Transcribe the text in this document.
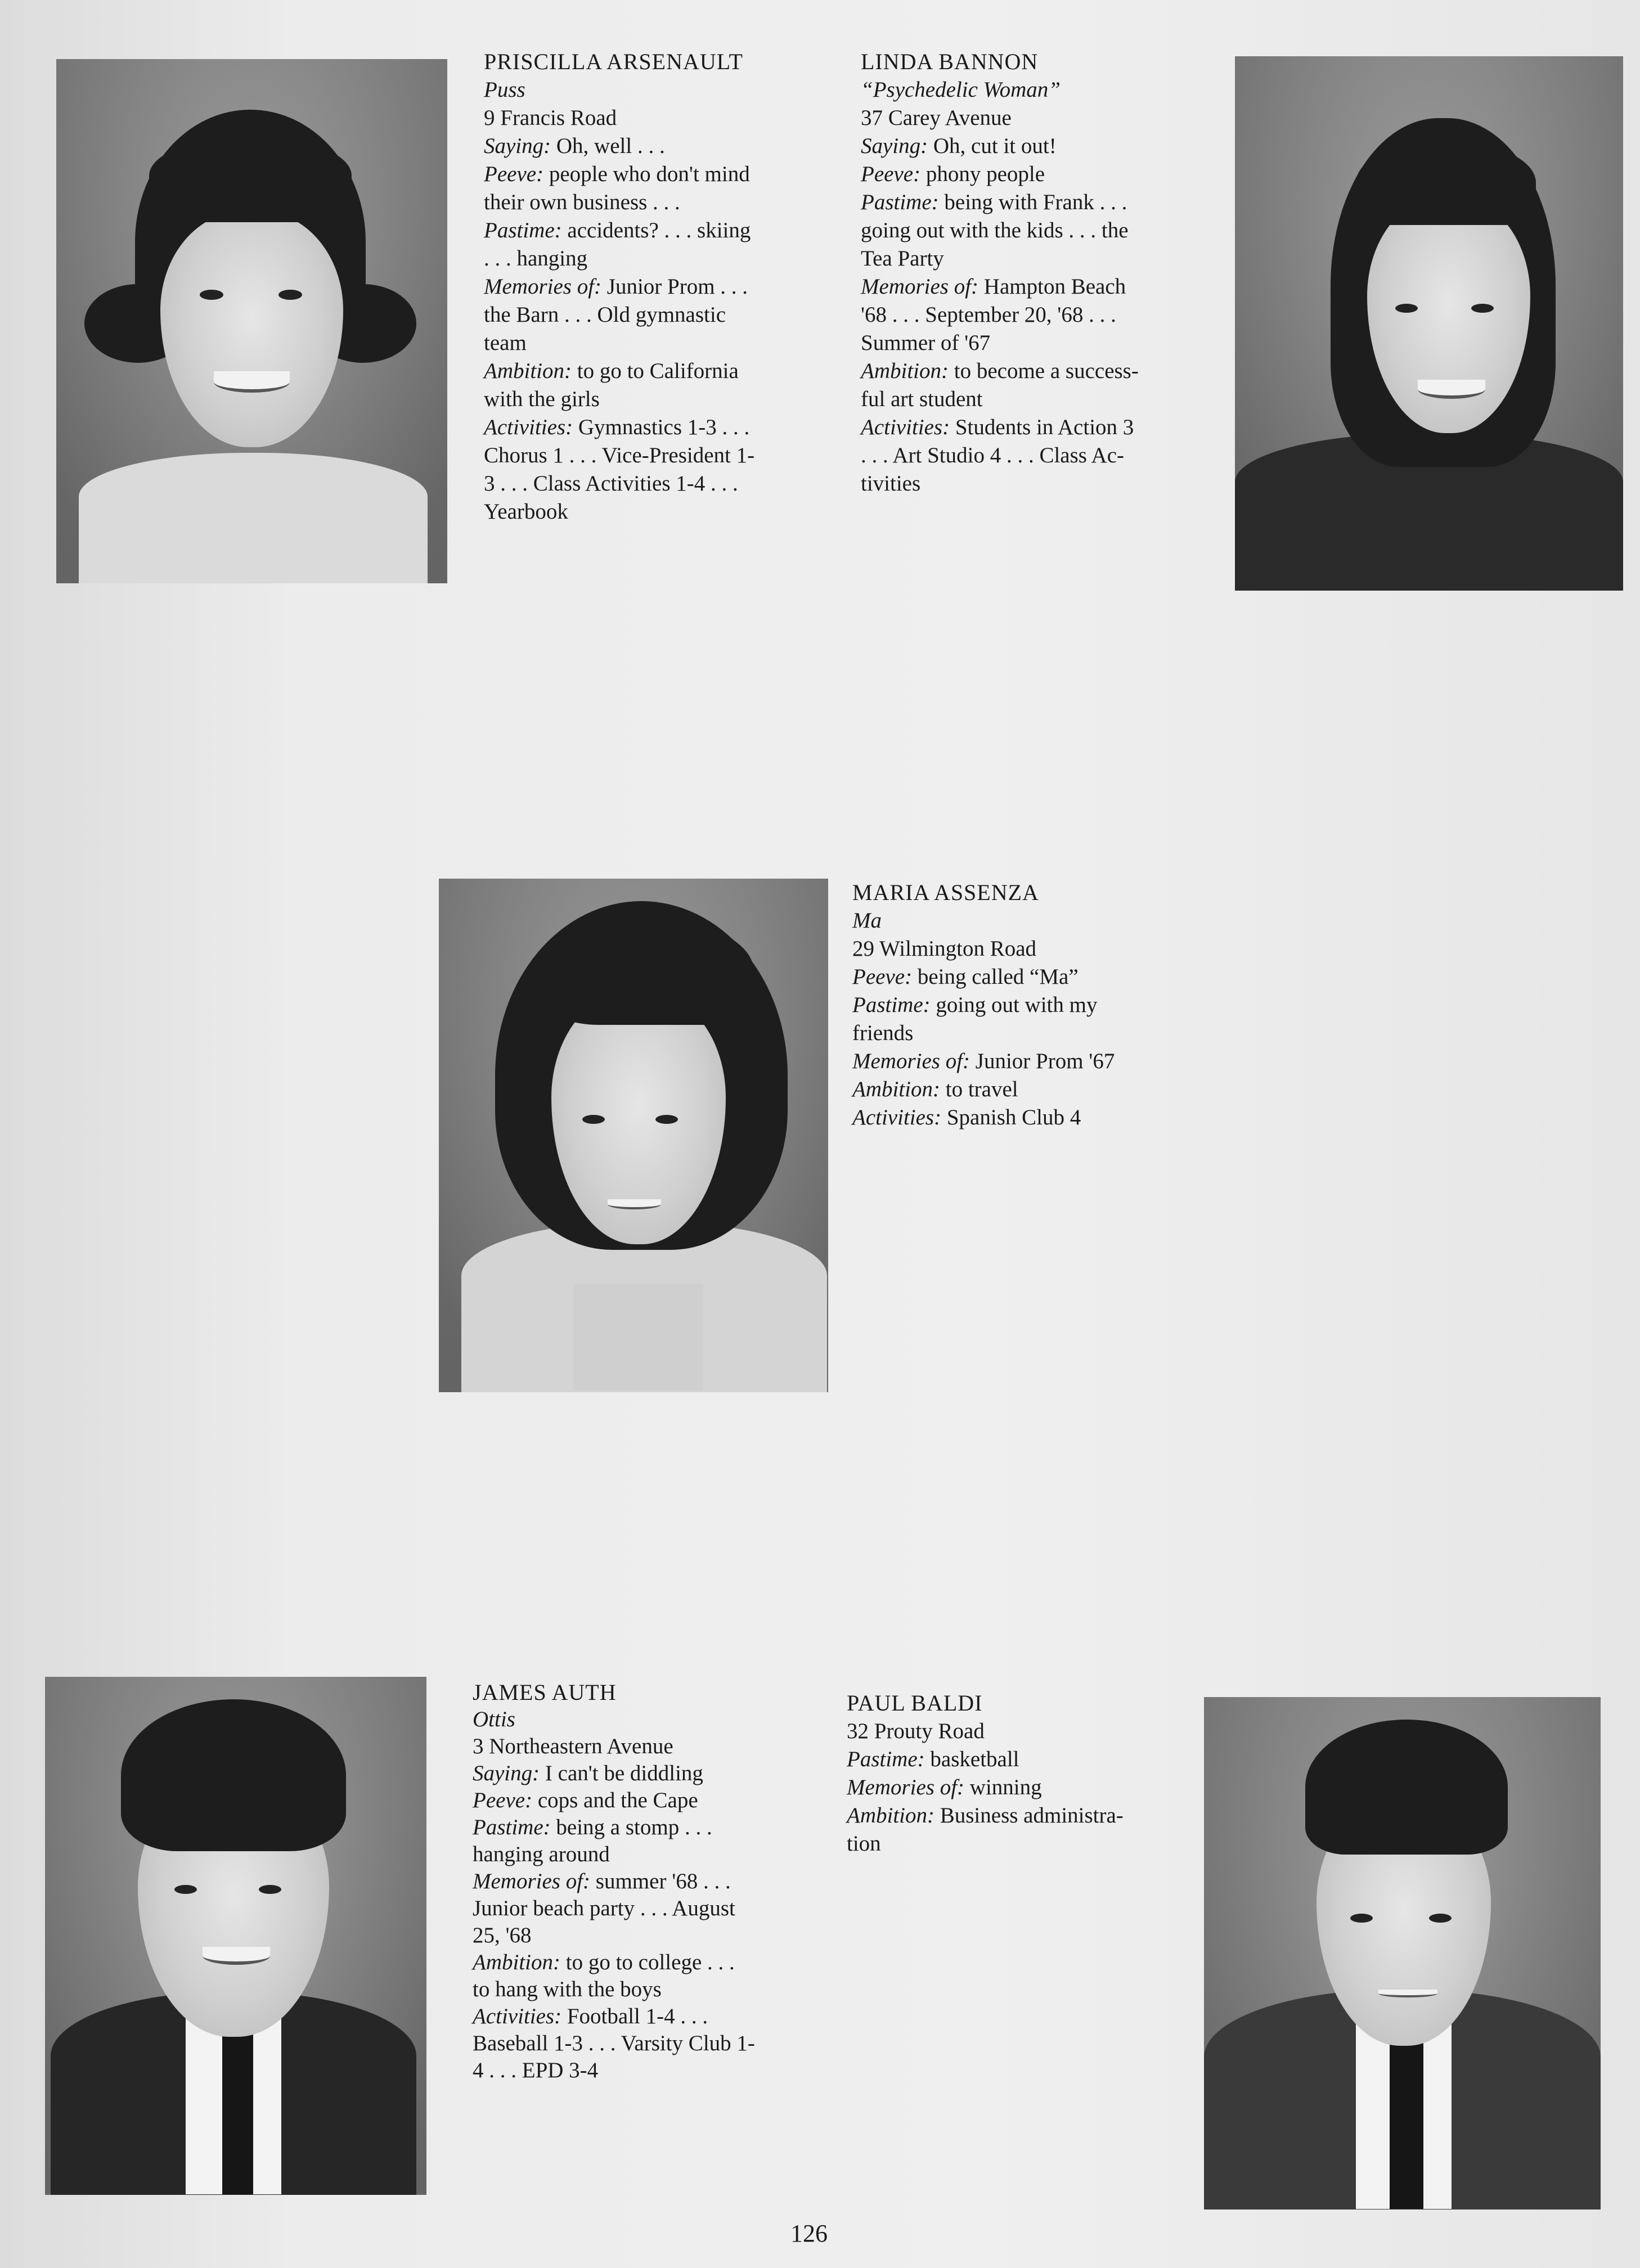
PRISCILLA ARSENAULT
Puss
9 Francis Road
Saying: Oh, well . . .
Peeve: people who don't mind
their own business . . .
Pastime: accidents? . . . skiing
. . . hanging
Memories of: Junior Prom . . .
the Barn . . . Old gymnastic
team
Ambition: to go to California
with the girls
Activities: Gymnastics 1-3 . . .
Chorus 1 . . . Vice-President 1-
3 . . . Class Activities 1-4 . . .
Yearbook
LINDA BANNON
“Psychedelic Woman”
37 Carey Avenue
Saying: Oh, cut it out!
Peeve: phony people
Pastime: being with Frank . . .
going out with the kids . . . the
Tea Party
Memories of: Hampton Beach
'68 . . . September 20, '68 . . .
Summer of '67
Ambition: to become a success-
ful art student
Activities: Students in Action 3
. . . Art Studio 4 . . . Class Ac-
tivities
MARIA ASSENZA
Ma
29 Wilmington Road
Peeve: being called “Ma”
Pastime: going out with my
friends
Memories of: Junior Prom '67
Ambition: to travel
Activities: Spanish Club 4
JAMES AUTH
Ottis
3 Northeastern Avenue
Saying: I can't be diddling
Peeve: cops and the Cape
Pastime: being a stomp . . .
hanging around
Memories of: summer '68 . . .
Junior beach party . . . August
25, '68
Ambition: to go to college . . .
to hang with the boys
Activities: Football 1-4 . . .
Baseball 1-3 . . . Varsity Club 1-
4 . . . EPD 3-4
PAUL BALDI
32 Prouty Road
Pastime: basketball
Memories of: winning
Ambition: Business administra-
tion
126
